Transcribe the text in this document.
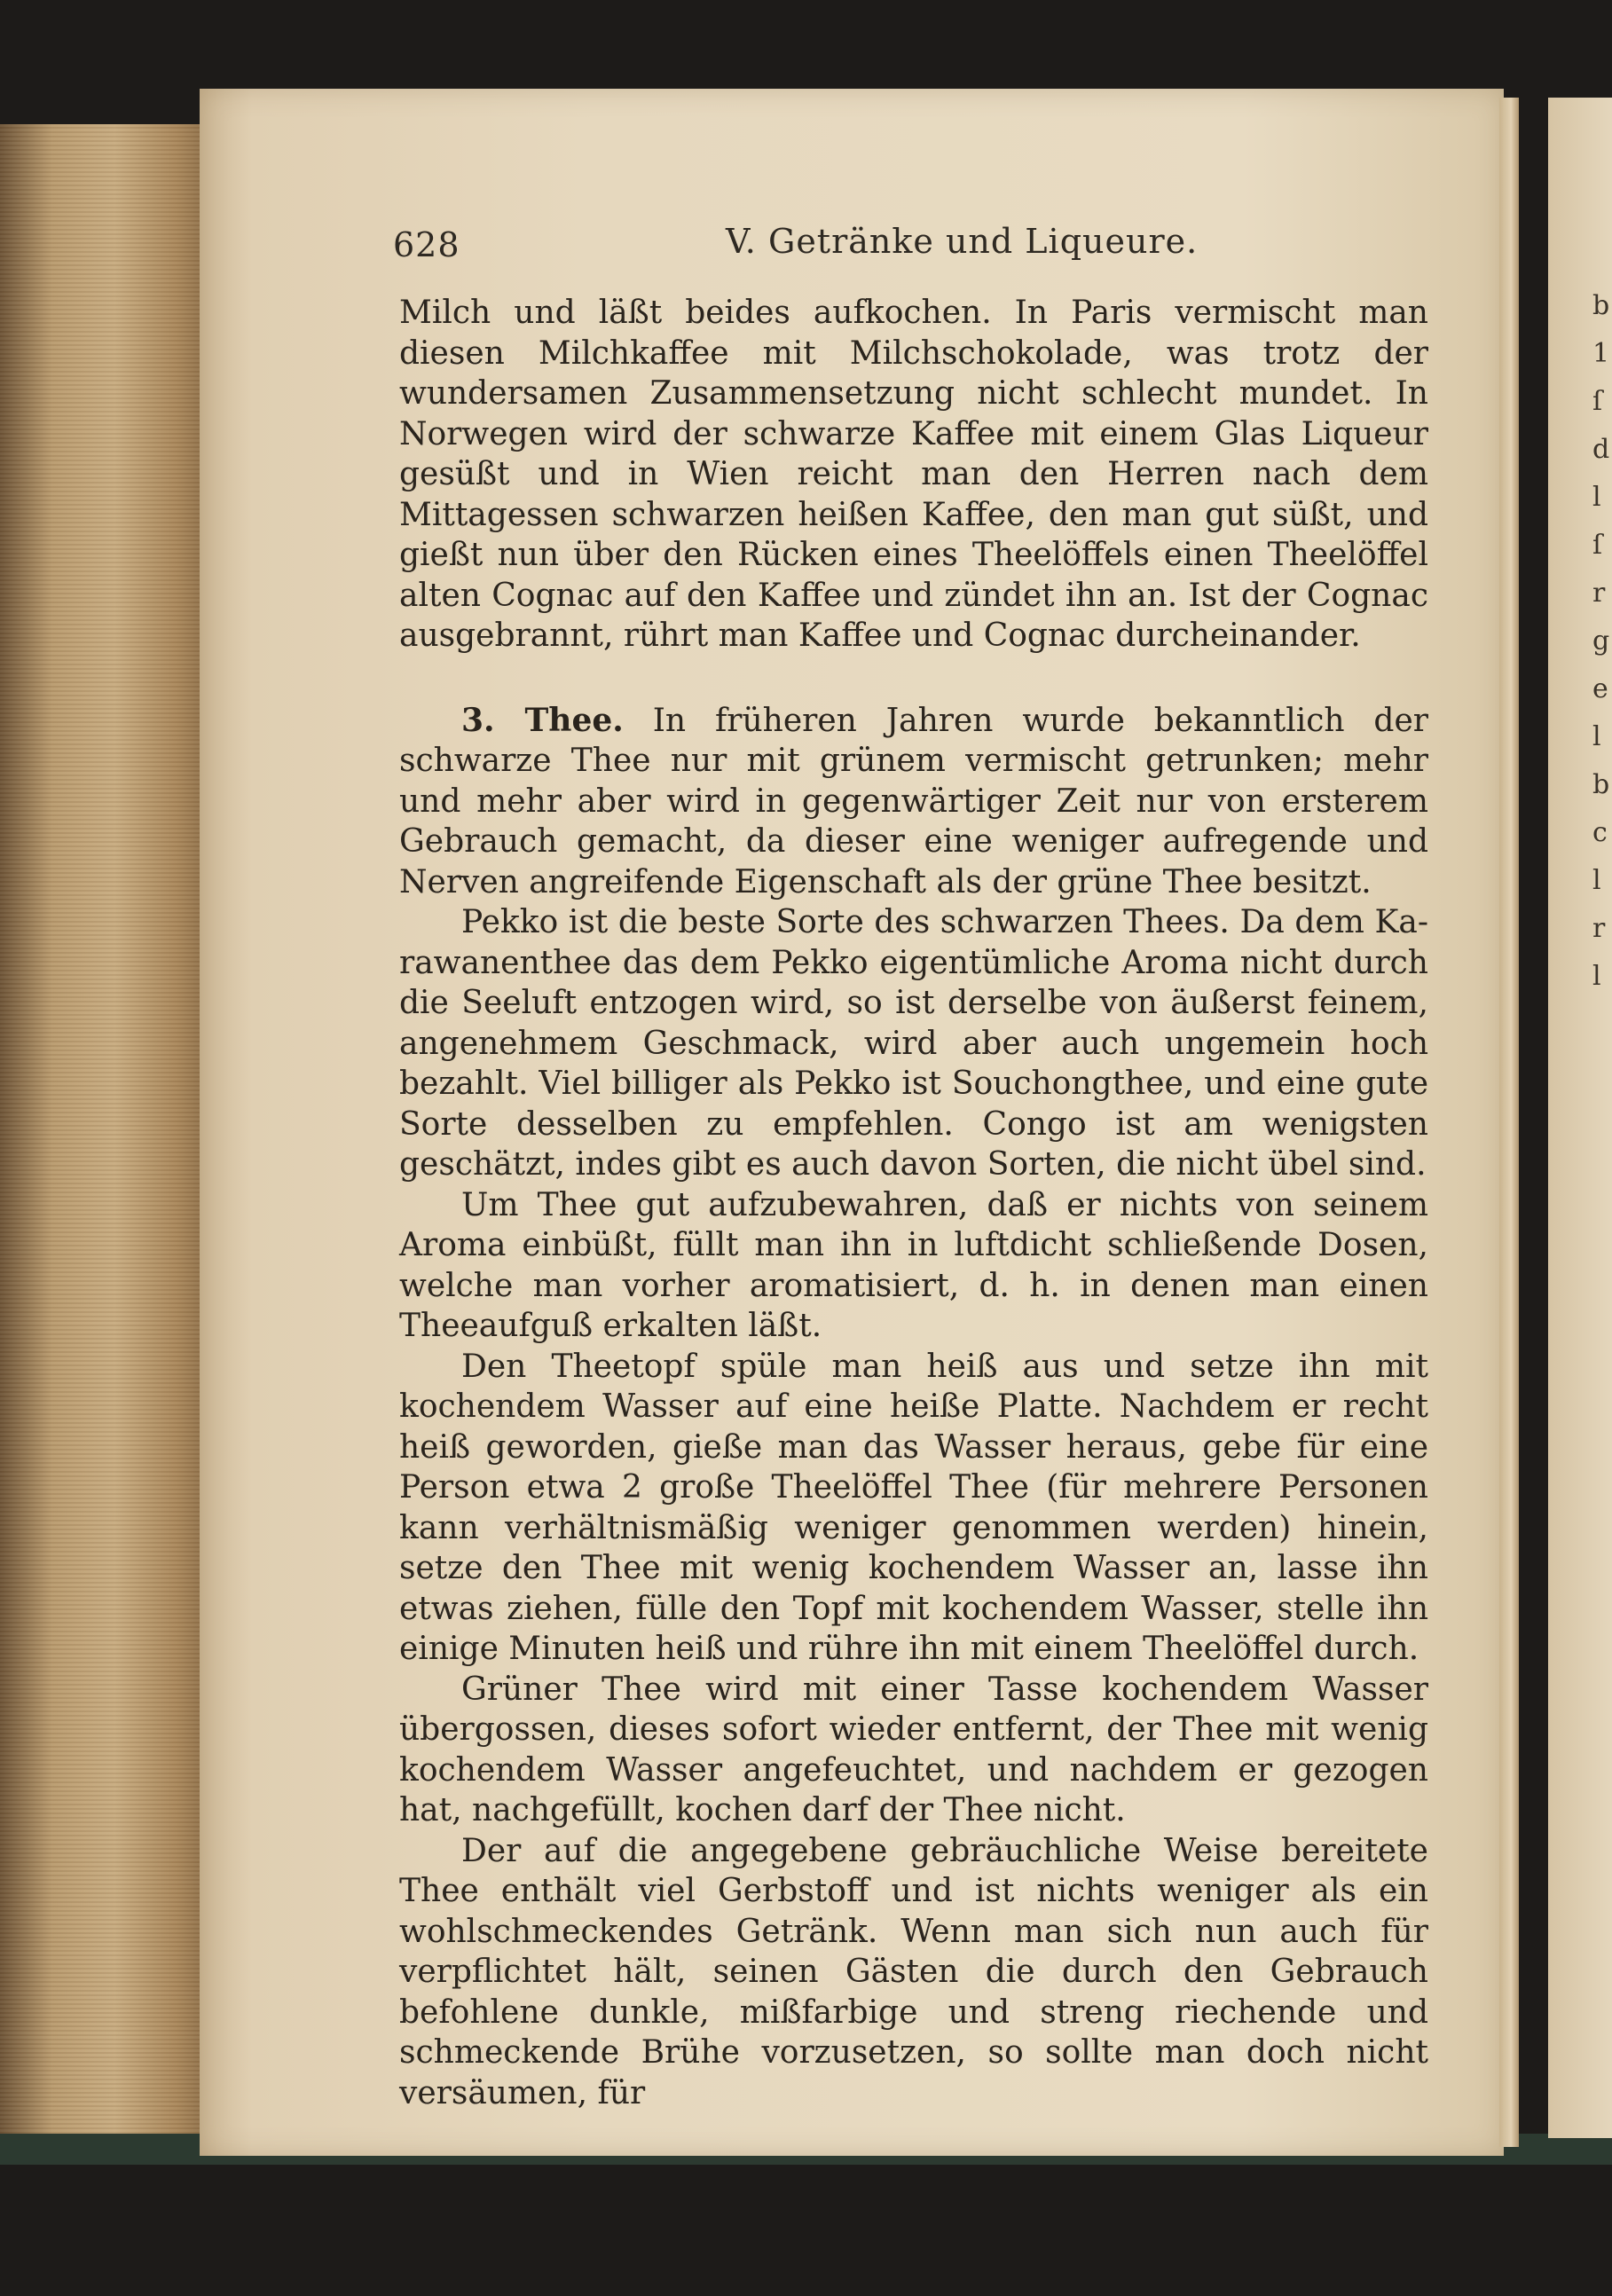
b
1
ſ
d
l
ſ
r
g
e
l
b
c
l
r
l
628	V. Getränke und Liqueure.

Milch und läßt beides aufkochen. In Paris vermischt man diesen Milchkaffee mit Milchschokolade, was trotz der wundersamen Zusammensetzung nicht schlecht mundet. In Norwegen wird der schwarze Kaffee mit einem Glas Liqueur gesüßt und in Wien reicht man den Herren nach dem Mittagessen schwarzen heißen Kaffee, den man gut süßt, und gießt nun über den Rücken eines Theelöffels einen Theelöffel alten Cognac auf den Kaffee und zündet ihn an. Ist der Cognac ausgebrannt, rührt man Kaffee und Cognac durcheinander.

3. Thee. In früheren Jahren wurde bekanntlich der schwarze Thee nur mit grünem vermischt getrunken; mehr und mehr aber wird in gegenwärtiger Zeit nur von ersterem Gebrauch gemacht, da dieser eine weniger aufregende und Nerven angreifende Eigenschaft als der grüne Thee besitzt.

Pekko ist die beste Sorte des schwarzen Thees. Da dem Karawanenthee das dem Pekko eigentümliche Aroma nicht durch die Seeluft entzogen wird, so ist derselbe von äußerst feinem, angenehmem Geschmack, wird aber auch ungemein hoch bezahlt. Viel billiger als Pekko ist Souchongthee, und eine gute Sorte desselben zu empfehlen. Congo ist am wenigsten geschätzt, indes gibt es auch davon Sorten, die nicht übel sind.

Um Thee gut aufzubewahren, daß er nichts von seinem Aroma einbüßt, füllt man ihn in luftdicht schließende Dosen, welche man vorher aromatisiert, d. h. in denen man einen Theeaufguß erkalten läßt.

Den Theetopf spüle man heiß aus und setze ihn mit kochendem Wasser auf eine heiße Platte. Nachdem er recht heiß geworden, gieße man das Wasser heraus, gebe für eine Person etwa 2 große Theelöffel Thee (für mehrere Personen kann verhältnismäßig weniger genommen werden) hinein, setze den Thee mit wenig kochendem Wasser an, lasse ihn etwas ziehen, fülle den Topf mit kochendem Wasser, stelle ihn einige Minuten heiß und rühre ihn mit einem Theelöffel durch.

Grüner Thee wird mit einer Tasse kochendem Wasser übergossen, dieses sofort wieder entfernt, der Thee mit wenig kochendem Wasser angefeuchtet, und nachdem er gezogen hat, nachgefüllt, kochen darf der Thee nicht.

Der auf die angegebene gebräuchliche Weise bereitete Thee enthält viel Gerbstoff und ist nichts weniger als ein wohlschmeckendes Getränk. Wenn man sich nun auch für verpflichtet hält, seinen Gästen die durch den Gebrauch befohlene dunkle, mißfarbige und streng riechende und schmeckende Brühe vorzusetzen, so sollte man doch nicht versäumen, für
